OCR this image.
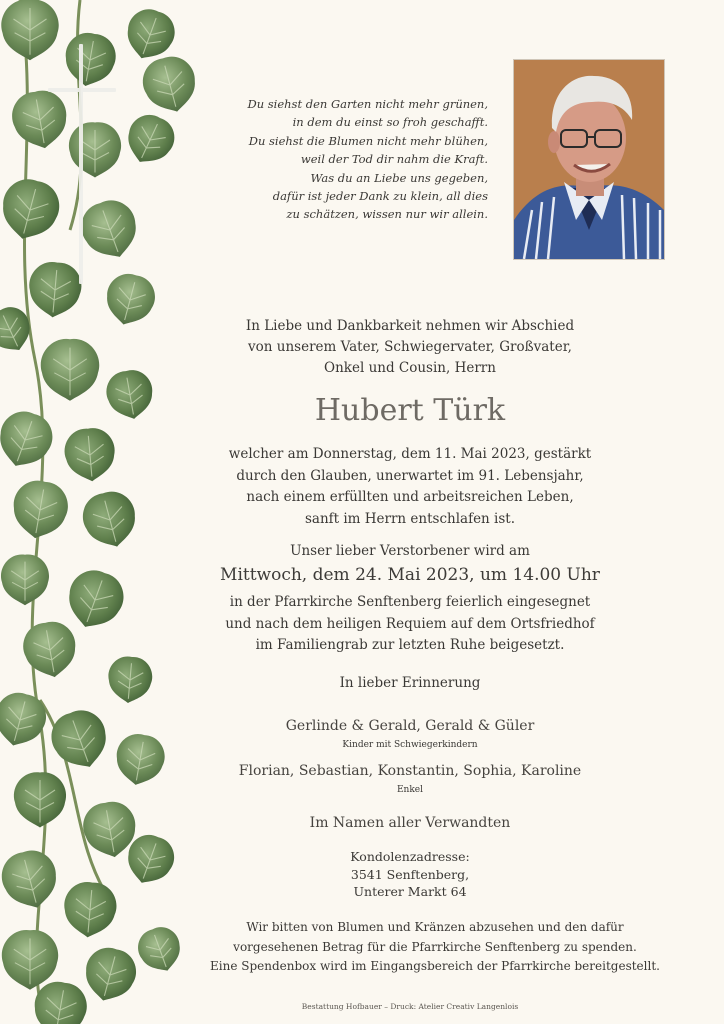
Du siehst den Garten nicht mehr grünen,
in dem du einst so froh geschafft.
Du siehst die Blumen nicht mehr blühen,
weil der Tod dir nahm die Kraft.
Was du an Liebe uns gegeben,
dafür ist jeder Dank zu klein, all dies
zu schätzen, wissen nur wir allein.
In Liebe und Dankbarkeit nehmen wir Abschied
von unserem Vater, Schwiegervater, Großvater,
Onkel und Cousin, Herrn
Hubert Türk
welcher am Donnerstag, dem 11. Mai 2023, gestärkt
durch den Glauben, unerwartet im 91. Lebensjahr,
nach einem erfüllten und arbeitsreichen Leben,
sanft im Herrn entschlafen ist.
Unser lieber Verstorbener wird am
Mittwoch, dem 24. Mai 2023, um 14.00 Uhr
in der Pfarrkirche Senftenberg feierlich eingesegnet
und nach dem heiligen Requiem auf dem Ortsfriedhof
im Familiengrab zur letzten Ruhe beigesetzt.
In lieber Erinnerung
Gerlinde & Gerald, Gerald & Güler
Kinder mit Schwiegerkindern
Florian, Sebastian, Konstantin, Sophia, Karoline
Enkel
Im Namen aller Verwandten
Kondolenzadresse:
3541 Senftenberg,
Unterer Markt 64
Wir bitten von Blumen und Kränzen abzusehen und den dafür
vorgesehenen Betrag für die Pfarrkirche Senftenberg zu spenden.
Eine Spendenbox wird im Eingangsbereich der Pfarrkirche bereitgestellt.
Bestattung Hofbauer – Druck: Atelier Creativ Langenlois
